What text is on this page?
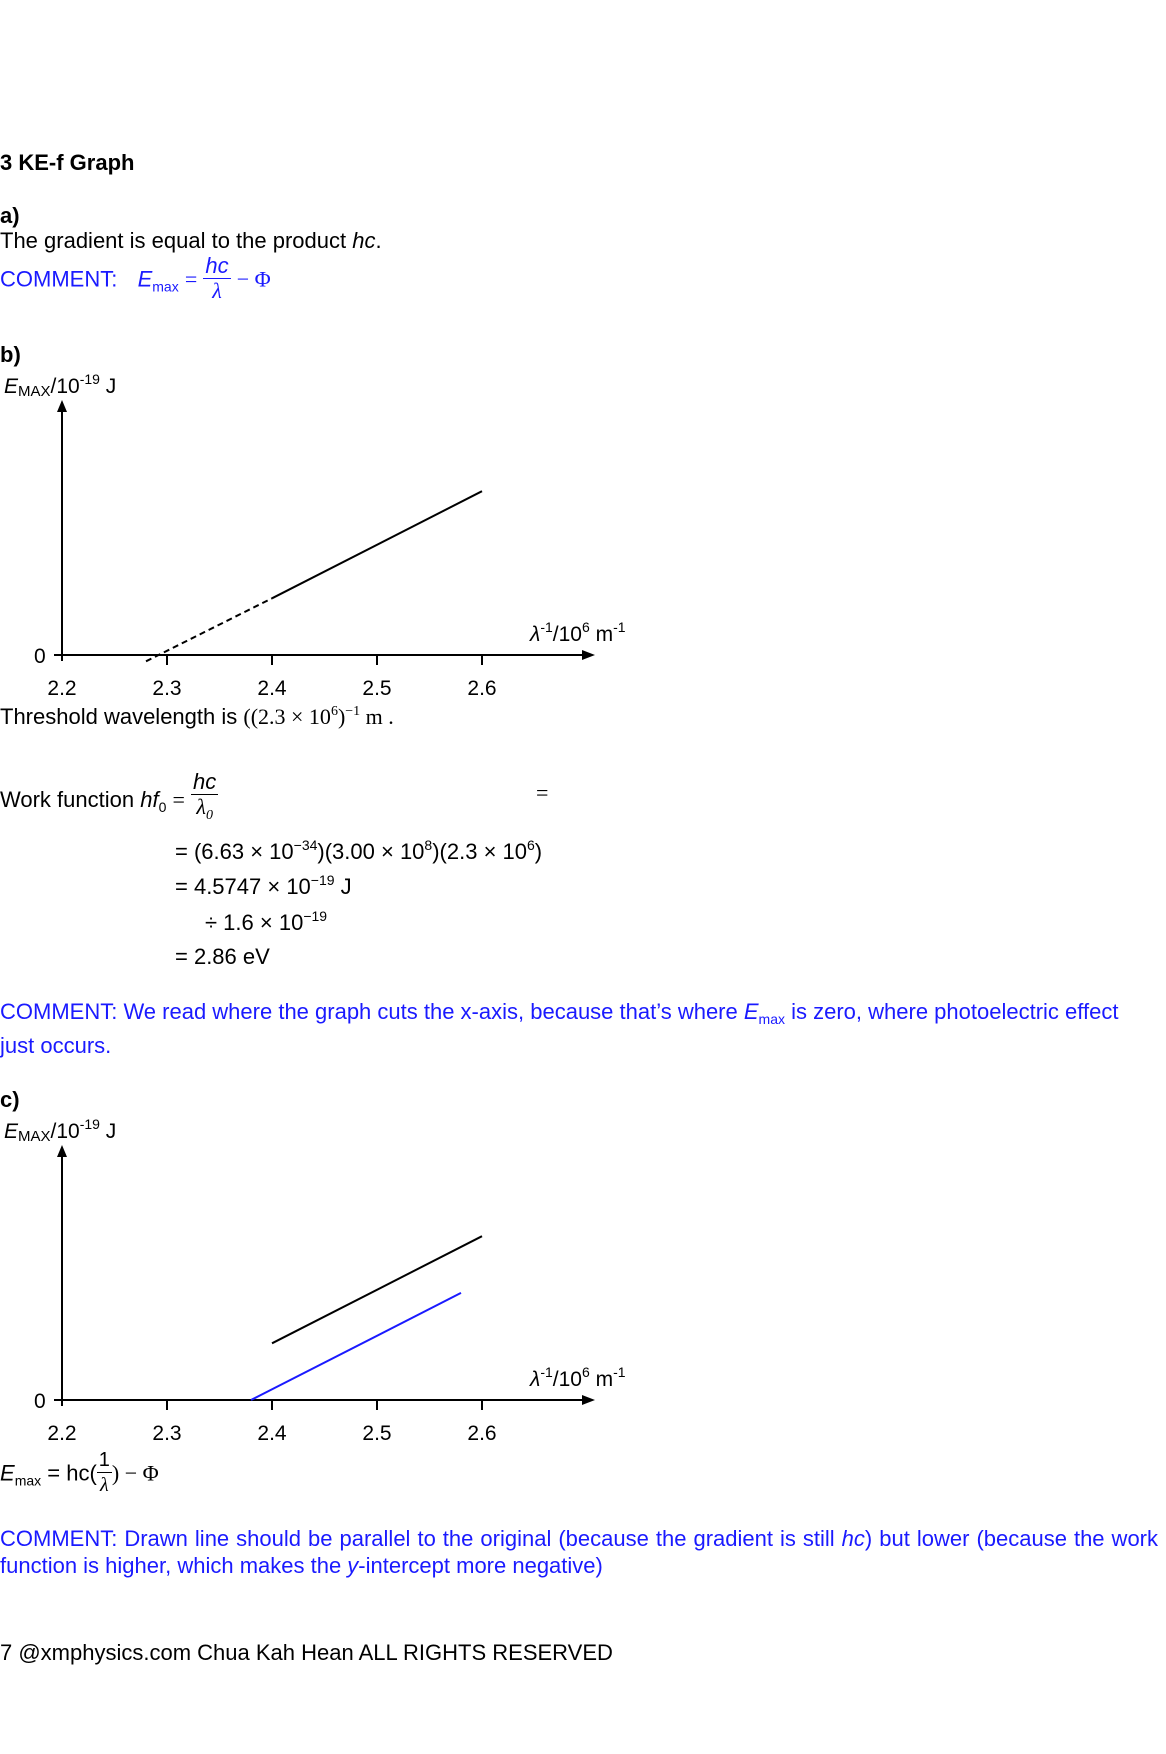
3 KE-f Graph
a)
The gradient is equal to the product hc.
COMMENT: $E_{max} = \frac{hc}{\lambda} - \Phi$
b)
EMAX/$10^{-19}$ J
0
2.2	2.3	2.4	2.5	2.6
$\lambda^{-1}/10^6$ $m^{-1}$
Threshold wavelength is ($(2.3 \times 10^6)^{-1}$ m .
Work function $hf_0 = \frac{hc}{\lambda_0}$	=
= $(6.63 \times 10^{-34})(3.00 \times 10^8)(2.3 \times 10^6)$
= $4.5747 \times 10^{-19}$ J
÷ $1.6 \times 10^{-19}$
= 2.86 eV
COMMENT: We read where the graph cuts the x-axis, because that’s where $E_{max}$ is zero, where photoelectric effect
just occurs.
c)
EMAX/$10^{-19}$ J
0
2.2	2.3	2.4	2.5	2.6
$\lambda^{-1}/10^6$ $m^{-1}$
$E_{max} = hc( \frac{1}{\lambda}$ ) − Φ
COMMENT: Drawn line should be parallel to the original (because the gradient is still hc) but lower (because the work function is higher, which makes the y-intercept more negative)
7 @xmphysics.com Chua Kah Hean ALL RIGHTS RESERVED
